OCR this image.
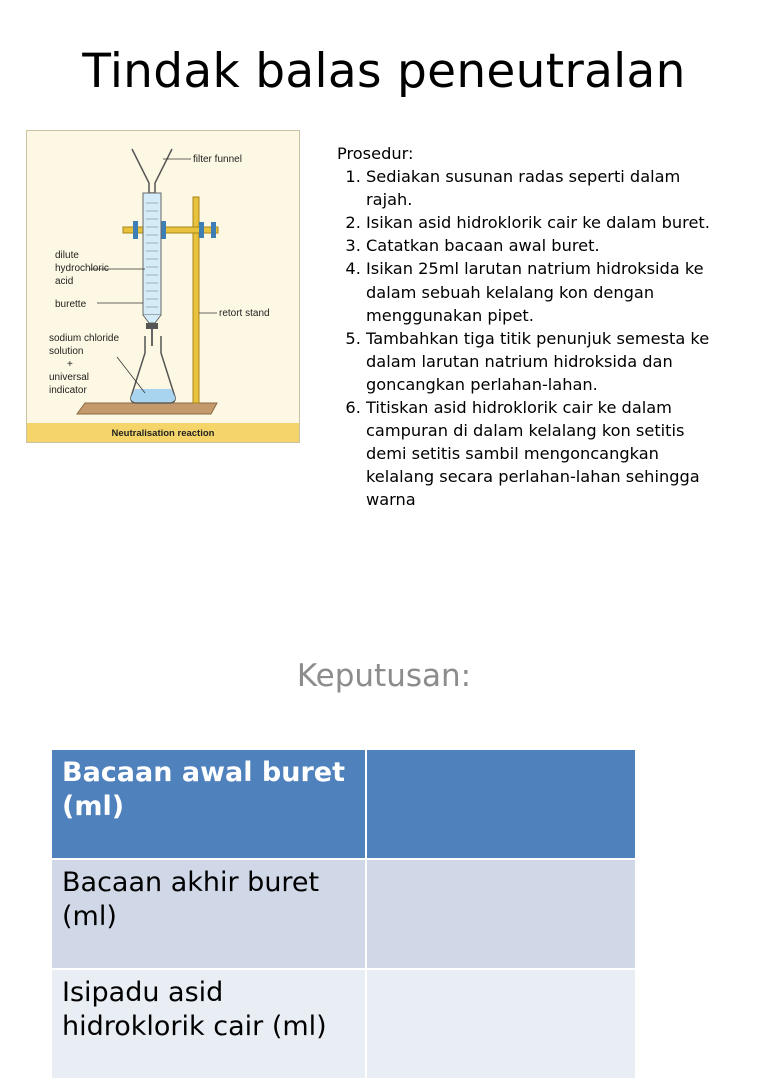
Tindak balas peneutralan
filter funnel
dilute
hydrochloric
acid
burette
retort stand
sodium chloride
solution
+
universal
indicator
Neutralisation reaction
Prosedur:
1. Sediakan susunan radas seperti dalam rajah.
2. Isikan asid hidroklorik cair ke dalam buret.
3. Catatkan bacaan awal buret.
4. Isikan 25ml larutan natrium hidroksida ke dalam sebuah kelalang kon dengan menggunakan pipet.
5. Tambahkan tiga titik penunjuk semesta ke dalam larutan natrium hidroksida dan goncangkan perlahan-lahan.
6. Titiskan asid hidroklorik cair ke dalam campuran di dalam kelalang kon setitis demi setitis sambil mengoncangkan kelalang secara perlahan-lahan sehingga warna
Keputusan:
Bacaan awal buret (ml)	
Bacaan akhir buret (ml)	
Isipadu asid hidroklorik cair (ml)	
